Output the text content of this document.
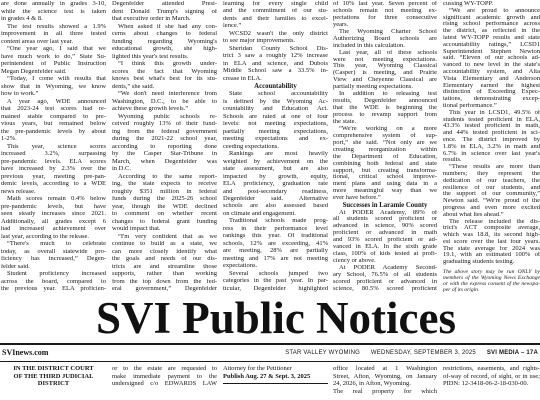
are done annually in grades 3-10,
while the science test is taken
in grades 4 & 8.
The test results showed a 1.9%
improvement in all three tested
content areas over last year.
“One year ago, I said that we
have much work to do,” State Su-
perintendent of Public Instruction
Megan Degenfelder said.
“Today, I come with results that
show that in Wyoming, we know
how to work.”
A year ago, WDE announced
that 2023-24 test scores had re-
mained stable compared to pre-
vious years, but remained below
the pre-pandemic levels by about
1-2%.
This year, science scores
increased 3.2%, surpassing
pre-pandemic levels. ELA scores
have increased by 2.3% over the
previous year, meeting pre-pan-
demic levels, according to a WDE
news release.
Math scores remain 0.4% below
pre-pandemic levels, but have
seen steady increases since 2021.
Additionally, all grades except 6
had increased achievement over
last year, according to the release.
“There's much to celebrate
today, as overall statewide pro-
ficiency has increased,” Degen-
felder said.
Student proficiency increased
across the board, compared to
the previous year. ELA proficien-
Degenfelder attended Presi-
dent Donald Trump's signing of
that executive order in March.
When asked if she had any con-
cerns about changes to federal
funding regarding Wyoming's
educational growth, she high-
lighted this year's test results.
“I think this growth under-
scores the fact that Wyoming
knows best what's best for its stu-
dents,” she said.
“We don't need interference from
Washington, D.C., to be able to
achieve these growth levels.”
Wyoming public schools re-
ceived roughly 13% of their fund-
ing from the federal government
during the 2021-22 school year,
according to reporting done
by the Casper Star-Tribune in
March, when Degenfelder was
in D.C.
According to the same report-
ing, the state expects to receive
roughly $351 million in federal
funds during the 2025-26 school
year, though the WDE declined
to comment on whether recent
changes to federal grant funding
would impact that.
“I'm very confident that as we
continue to build as a state, we
can more closely identify what
the goals and needs of our dis-
tricts are and streamline those
supports, rather than working
from the top down from the fed-
eral government,” Degenfelder
learning for every single child
and the commitment of our stu-
dents and their families to excel-
lence.”
WCSD2 wasn't the only district
to see major improvements.
Sheridan County School Dis-
trict 3 saw a roughly 12% increase
in ELA and science, and Dubois
Middle School saw a 33.5% in-
crease in ELA.
Accountability
State school accountability
is defined by the Wyoming Ac-
countability and Education Act.
Schools are rated at one of four
levels: not meeting expectations,
partially meeting expectations,
meeting expectations and ex-
ceeding expectations.
Rankings are most heavily
weighted by achievement on the
state assessment, but are also
impacted by growth, equity,
ELA proficiency, graduation rate
and post-secondary readiness,
Degenfelder said. Alternative
schools are also assessed based
on climate and engagement.
Traditional schools made prog-
ress in their performance level
rankings this year. Of traditional
schools, 12% are exceeding, 41%
are meeting, 28% are partially
meeting and 17% are not meeting
expectations.
Several schools jumped two
categories in the past year. In par-
ticular, Degenfelder highlighted
of 10% last year. Seven percent of
schools remain not meeting ex-
pectations for three consecutive
years.
The Wyoming Charter School
Authorizing Board schools are
included in this calculation.
Last year, all of these schools
were not meeting expectations.
This year, Wyoming Classical
(Casper) is meeting, and Prairie
View and Cheyenne Classical are
partially meeting expectations.
In addition to releasing test
results, Degenfelder announced
that the WDE is beginning the
process to revamp support from
the state.
“We're working on a more
comprehensive system of sup-
port,” she said. “Not only are we
creating reorganization within
the Department of Education,
combining both federal and state
support, but creating transforma-
tional, critical school improve-
ment plans and using data in a
more meaningful way than we
ever have before.”
Successes in Laramie County
At PODER Academy, 89% of
all students scored proficient or
advanced in science, 90% scored
proficient or advanced in math
and 93% scored proficient or ad-
vanced in ELA. In the sixth grade
class, 100% of kids tested at profi-
ciency or above.
At PODER Academy Second-
ary School, 76.5% of all students
scored proficient or advanced in
science, 80.5% scored proficient
cussing WY-TOPP.
“We are proud to announce
significant academic growth and
rising school performance across
the district, as reflected in the
latest WY-TOPP results and state
accountability ratings,” LCSD1
Superintendent Stephen Newton
said. “Eleven of our schools ad-
vanced to new level in the state's
accountability system, and Alta
Vista Elementary and Anderson
Elementary earned the highest
distinction of Exceeding Expec-
tations, demonstrating excep-
tional performance.”
This year in LCSD1, 49.5% of
students tested proficient in ELA,
43.3% tested proficient in math,
and 44% tested proficient in sci-
ence. The district improved by
1.8% in ELA, 3.2% in math and
6.7% in science over last year's
results.
“These results are more than
numbers; they represent the
dedication of our teachers, the
resilience of our students, and
the support of our community,”
Newton said. “We're proud of the
progress and even more excited
about what lies ahead.”
The release included the dis-
trict's ACT composite average,
which was 18.8, its second high-
est score over the last four years.
The state average for 2024 was
19.1, with an estimated 100% of
graduating students testing.
The above story may be run ONLY by
members of the Wyoming News Exchange
or with the express consent of the newspa-
per of its origin.
SVI Public Notices
SVInews.com	STAR VALLEY WYOMING WEDNESDAY, SEPTEMBER 3, 2025 SVI MEDIA – 17A
IN THE DISTRICT COURT
OF THE THIRD JUDICIAL
DISTRICT
or to the estate are requested to
make immediate payment to the
undersigned c/o EDWARDS LAW
Attorney for the Petitioner
Publish Aug. 27 & Sept. 3, 2025
office located at 1 Washington
Street, Afton, Wyoming, on January
24, 2026, in Afton, Wyoming.
The real property for which
restrictions, easements, and rights-
of-way of record, of sight, or in use;
PIDN: 12-3418-06-2-18-030-00.
